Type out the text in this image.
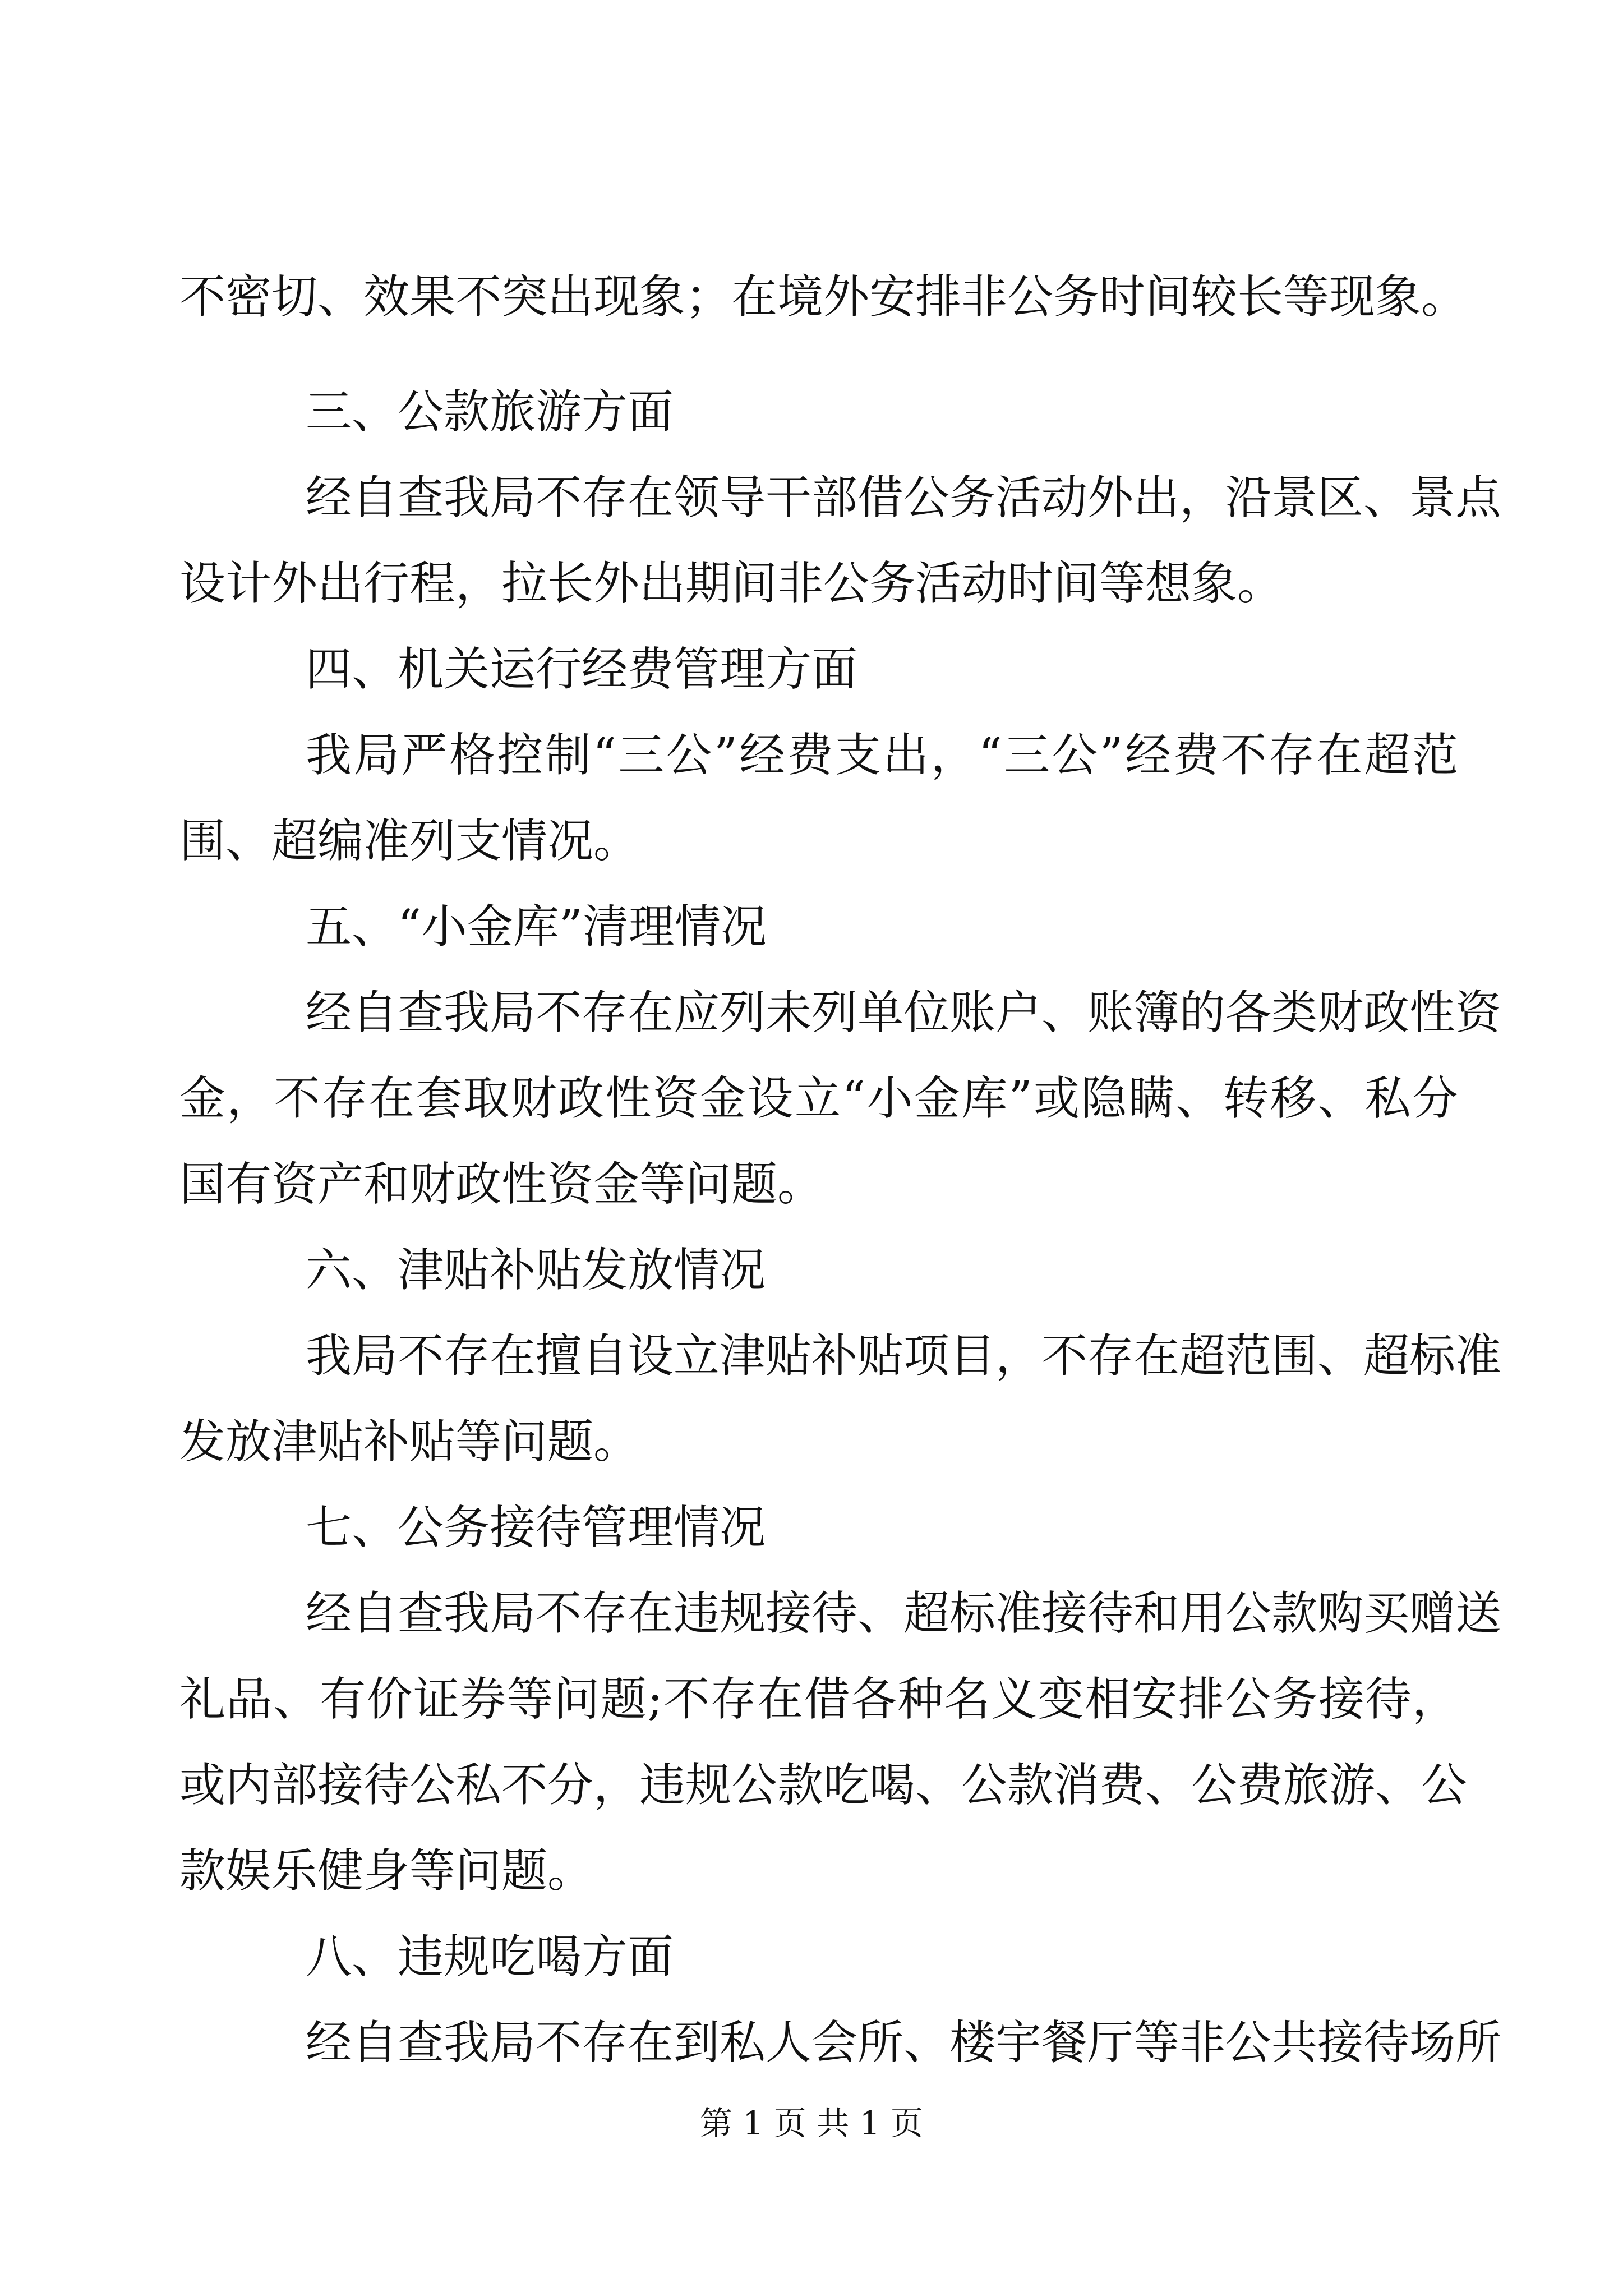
不密切、效果不突出现象；在境外安排非公务时间较长等现象。
三、公款旅游方面
经自查我局不存在领导干部借公务活动外出，沿景区、景点
设计外出行程，拉长外出期间非公务活动时间等想象。
四、机关运行经费管理方面
我局严格控制“三公”经费支出，“三公”经费不存在超范
围、超编准列支情况。
五、“小金库”清理情况
经自查我局不存在应列未列单位账户、账簿的各类财政性资
金，不存在套取财政性资金设立“小金库”或隐瞒、转移、私分
国有资产和财政性资金等问题。
六、津贴补贴发放情况
我局不存在擅自设立津贴补贴项目，不存在超范围、超标准
发放津贴补贴等问题。
七、公务接待管理情况
经自查我局不存在违规接待、超标准接待和用公款购买赠送
礼品、有价证券等问题;不存在借各种名义变相安排公务接待，
或内部接待公私不分，违规公款吃喝、公款消费、公费旅游、公
款娱乐健身等问题。
八、违规吃喝方面
经自查我局不存在到私人会所、楼宇餐厅等非公共接待场所
第 1 页 共 1 页
